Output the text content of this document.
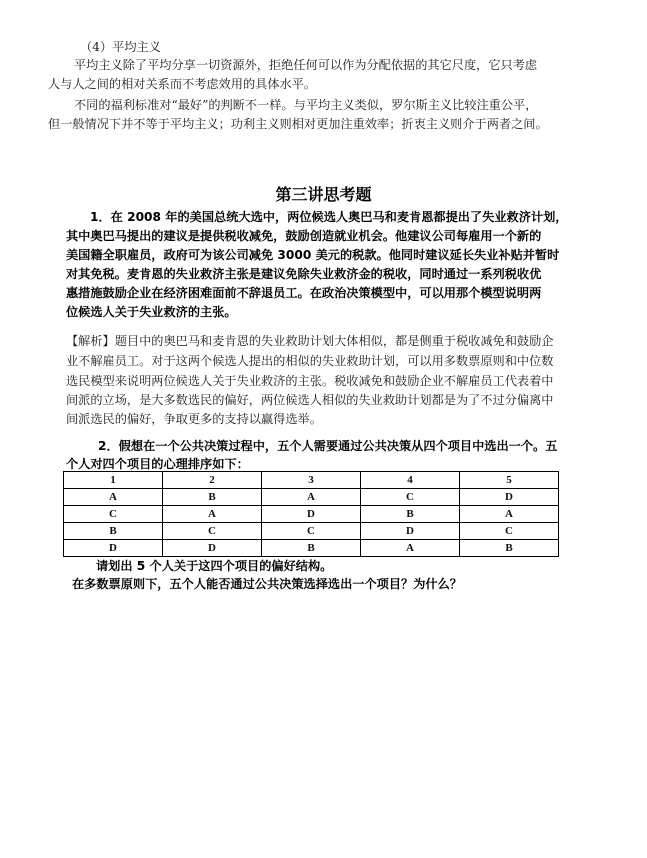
（4）平均主义
平均主义除了平均分享一切资源外，拒绝任何可以作为分配依据的其它尺度，它只考虑
人与人之间的相对关系而不考虑效用的具体水平。
不同的福利标准对“最好”的判断不一样。与平均主义类似，罗尔斯主义比较注重公平，
但一般情况下并不等于平均主义；功利主义则相对更加注重效率；折衷主义则介于两者之间。
第三讲思考题
1．在 2008 年的美国总统大选中，两位候选人奥巴马和麦肯恩都提出了失业救济计划，
其中奥巴马提出的建议是提供税收减免，鼓励创造就业机会。他建议公司每雇用一个新的
美国籍全职雇员，政府可为该公司减免 3000 美元的税款。他同时建议延长失业补贴并暂时
对其免税。麦肯恩的失业救济主张是建议免除失业救济金的税收，同时通过一系列税收优
惠措施鼓励企业在经济困难面前不辞退员工。在政治决策模型中，可以用那个模型说明两
位候选人关于失业救济的主张。
【解析】题目中的奥巴马和麦肯恩的失业救助计划大体相似，都是侧重于税收减免和鼓励企
业不解雇员工。对于这两个候选人提出的相似的失业救助计划，可以用多数票原则和中位数
选民模型来说明两位候选人关于失业救济的主张。税收减免和鼓励企业不解雇员工代表着中
间派的立场，是大多数选民的偏好，两位候选人相似的失业救助计划都是为了不过分偏离中
间派选民的偏好，争取更多的支持以赢得选举。
2．假想在一个公共决策过程中，五个人需要通过公共决策从四个项目中选出一个。五
个人对四个项目的心理排序如下：
1	2	3	4	5
A	B	A	C	D
C	A	D	B	A
B	C	C	D	C
D	D	B	A	B
请划出 5 个人关于这四个项目的偏好结构。
在多数票原则下，五个人能否通过公共决策选择选出一个项目？为什么？
